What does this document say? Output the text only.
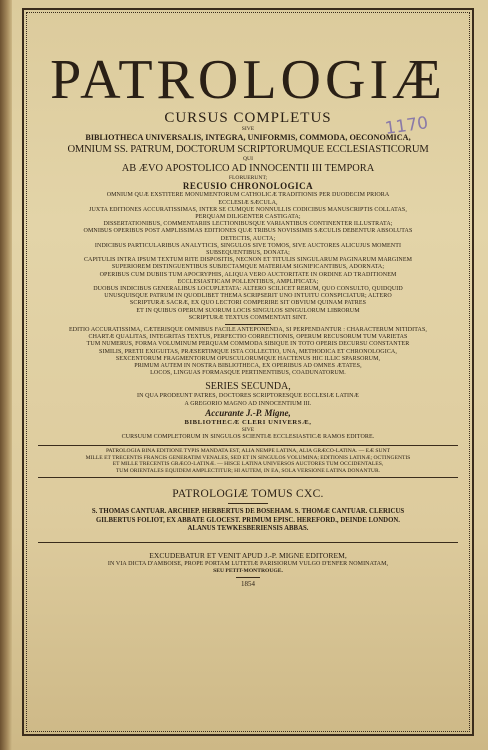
1170
PATROLOGIÆ
CURSUS COMPLETUS
SIVE
BIBLIOTHECA UNIVERSALIS, INTEGRA, UNIFORMIS, COMMODA, OECONOMICA,
OMNIUM SS. PATRUM, DOCTORUM SCRIPTORUMQUE ECCLESIASTICORUM
QUI
AB ÆVO APOSTOLICO AD INNOCENTII III TEMPORA
FLORUERUNT;
RECUSIO CHRONOLOGICA
OMNIUM QUÆ EXSTITERE MONUMENTORUM CATHOLICÆ TRADITIONIS PER DUODECIM PRIORA
ECCLESIÆ SÆCULA,
JUXTA EDITIONES ACCURATISSIMAS, INTER SE CUMQUE NONNULLIS CODICIBUS MANUSCRIPTIS COLLATAS,
PERQUAM DILIGENTER CASTIGATA;
DISSERTATIONIBUS, COMMENTARIIS LECTIONIBUSQUE VARIANTIBUS CONTINENTER ILLUSTRATA;
OMNIBUS OPERIBUS POST AMPLISSIMAS EDITIONES QUÆ TRIBUS NOVISSIMIS SÆCULIS DEBENTUR ABSOLUTAS
DETECTIS, AUCTA;
INDICIBUS PARTICULARIBUS ANALYTICIS, SINGULOS SIVE TOMOS, SIVE AUCTORES ALICUJUS MOMENTI
SUBSEQUENTIBUS, DONATA;
CAPITULIS INTRA IPSUM TEXTUM RITE DISPOSITIS, NECNON ET TITULIS SINGULARUM PAGINARUM MARGINEM
SUPERIOREM DISTINGUENTIBUS SUBJECTAMQUE MATERIAM SIGNIFICANTIBUS, ADORNATA;
OPERIBUS CUM DUBIIS TUM APOCRYPHIS, ALIQUA VERO AUCTORITATE IN ORDINE AD TRADITIONEM
ECCLESIASTICAM POLLENTIBUS, AMPLIFICATA;
DUOBUS INDICIBUS GENERALIBUS LOCUPLETATA: ALTERO SCILICET RERUM, QUO CONSULTO, QUIDQUID
UNUSQUISQUE PATRUM IN QUODLIBET THEMA SCRIPSERIT UNO INTUITU CONSPICIATUR; ALTERO
SCRIPTURÆ SACRÆ, EX QUO LECTORI COMPERIRE SIT OBVIUM QUINAM PATRES
ET IN QUIBUS OPERUM SUORUM LOCIS SINGULOS SINGULORUM LIBRORUM
SCRIPTURÆ TEXTUS COMMENTATI SINT.
EDITIO ACCURATISSIMA, CÆTERISQUE OMNIBUS FACILE ANTEPONENDA, SI PERPENDANTUR : CHARACTERUM NITIDITAS,
CHARTÆ QUALITAS, INTEGRITAS TEXTUS, PERFECTIO CORRECTIONIS, OPERUM RECUSORUM TUM VARIETAS
TUM NUMERUS, FORMA VOLUMINUM PERQUAM COMMODA SIBIQUE IN TOTO OPERIS DECURSU CONSTANTER
SIMILIS, PRETII EXIGUITAS, PRÆSERTIMQUE ISTA COLLECTIO, UNA, METHODICA ET CHRONOLOGICA,
SEXCENTORUM FRAGMENTORUM OPUSCULORUMQUE HACTENUS HIC ILLIC SPARSORUM,
PRIMUM AUTEM IN NOSTRA BIBLIOTHECA, EX OPERIBUS AD OMNES ÆTATES,
LOCOS, LINGUAS FORMASQUE PERTINENTIBUS, COADUNATORUM.
SERIES SECUNDA,
IN QUA PRODEUNT PATRES, DOCTORES SCRIPTORESQUE ECCLESIÆ LATINÆ
A GREGORIO MAGNO AD INNOCENTIUM III.
Accurante J.-P. Migne,
BIBLIOTHECÆ CLERI UNIVERSÆ,
SIVE
CURSUUM COMPLETORUM IN SINGULOS SCIENTIÆ ECCLESIASTICÆ RAMOS EDITORE.
PATROLOGIA BINA EDITIONE TYPIS MANDATA EST, ALIA NEMPE LATINA, ALIA GRÆCO-LATINA. — EÆ SUNT
MILLE ET TRECENTIS FRANCIS GENERATIM VENALES, SED ET IN SINGULOS VOLUMINA; EDITIONIS LATINÆ; OCTINGENTIS
ET MILLE TRECENTIS GRÆCO-LATINÆ. — HISCE LATINA UNIVERSOS AUCTORES TUM OCCIDENTALES,
TUM ORIENTALES EQUIDEM AMPLECTITUR; HI AUTEM, IN EA, SOLA VERSIONE LATINA DONANTUR.
PATROLOGIÆ TOMUS CXC.
S. THOMAS CANTUAR. ARCHIEP. HERBERTUS DE BOSEHAM. S. THOMÆ CANTUAR. CLERICUS
GILBERTUS FOLIOT, EX ABBATE GLOCEST. PRIMUM EPISC. HEREFORD., DEINDE LONDON.
ALANUS TEWKESBERIENSIS ABBAS.
EXCUDEBATUR ET VENIT APUD J.-P. MIGNE EDITOREM,
IN VIA DICTA D'AMBOISE, PROPE PORTAM LUTETIÆ PARISIORUM VULGO D'ENFER NOMINATAM,
SEU PETIT-MONTROUGE.
1854
